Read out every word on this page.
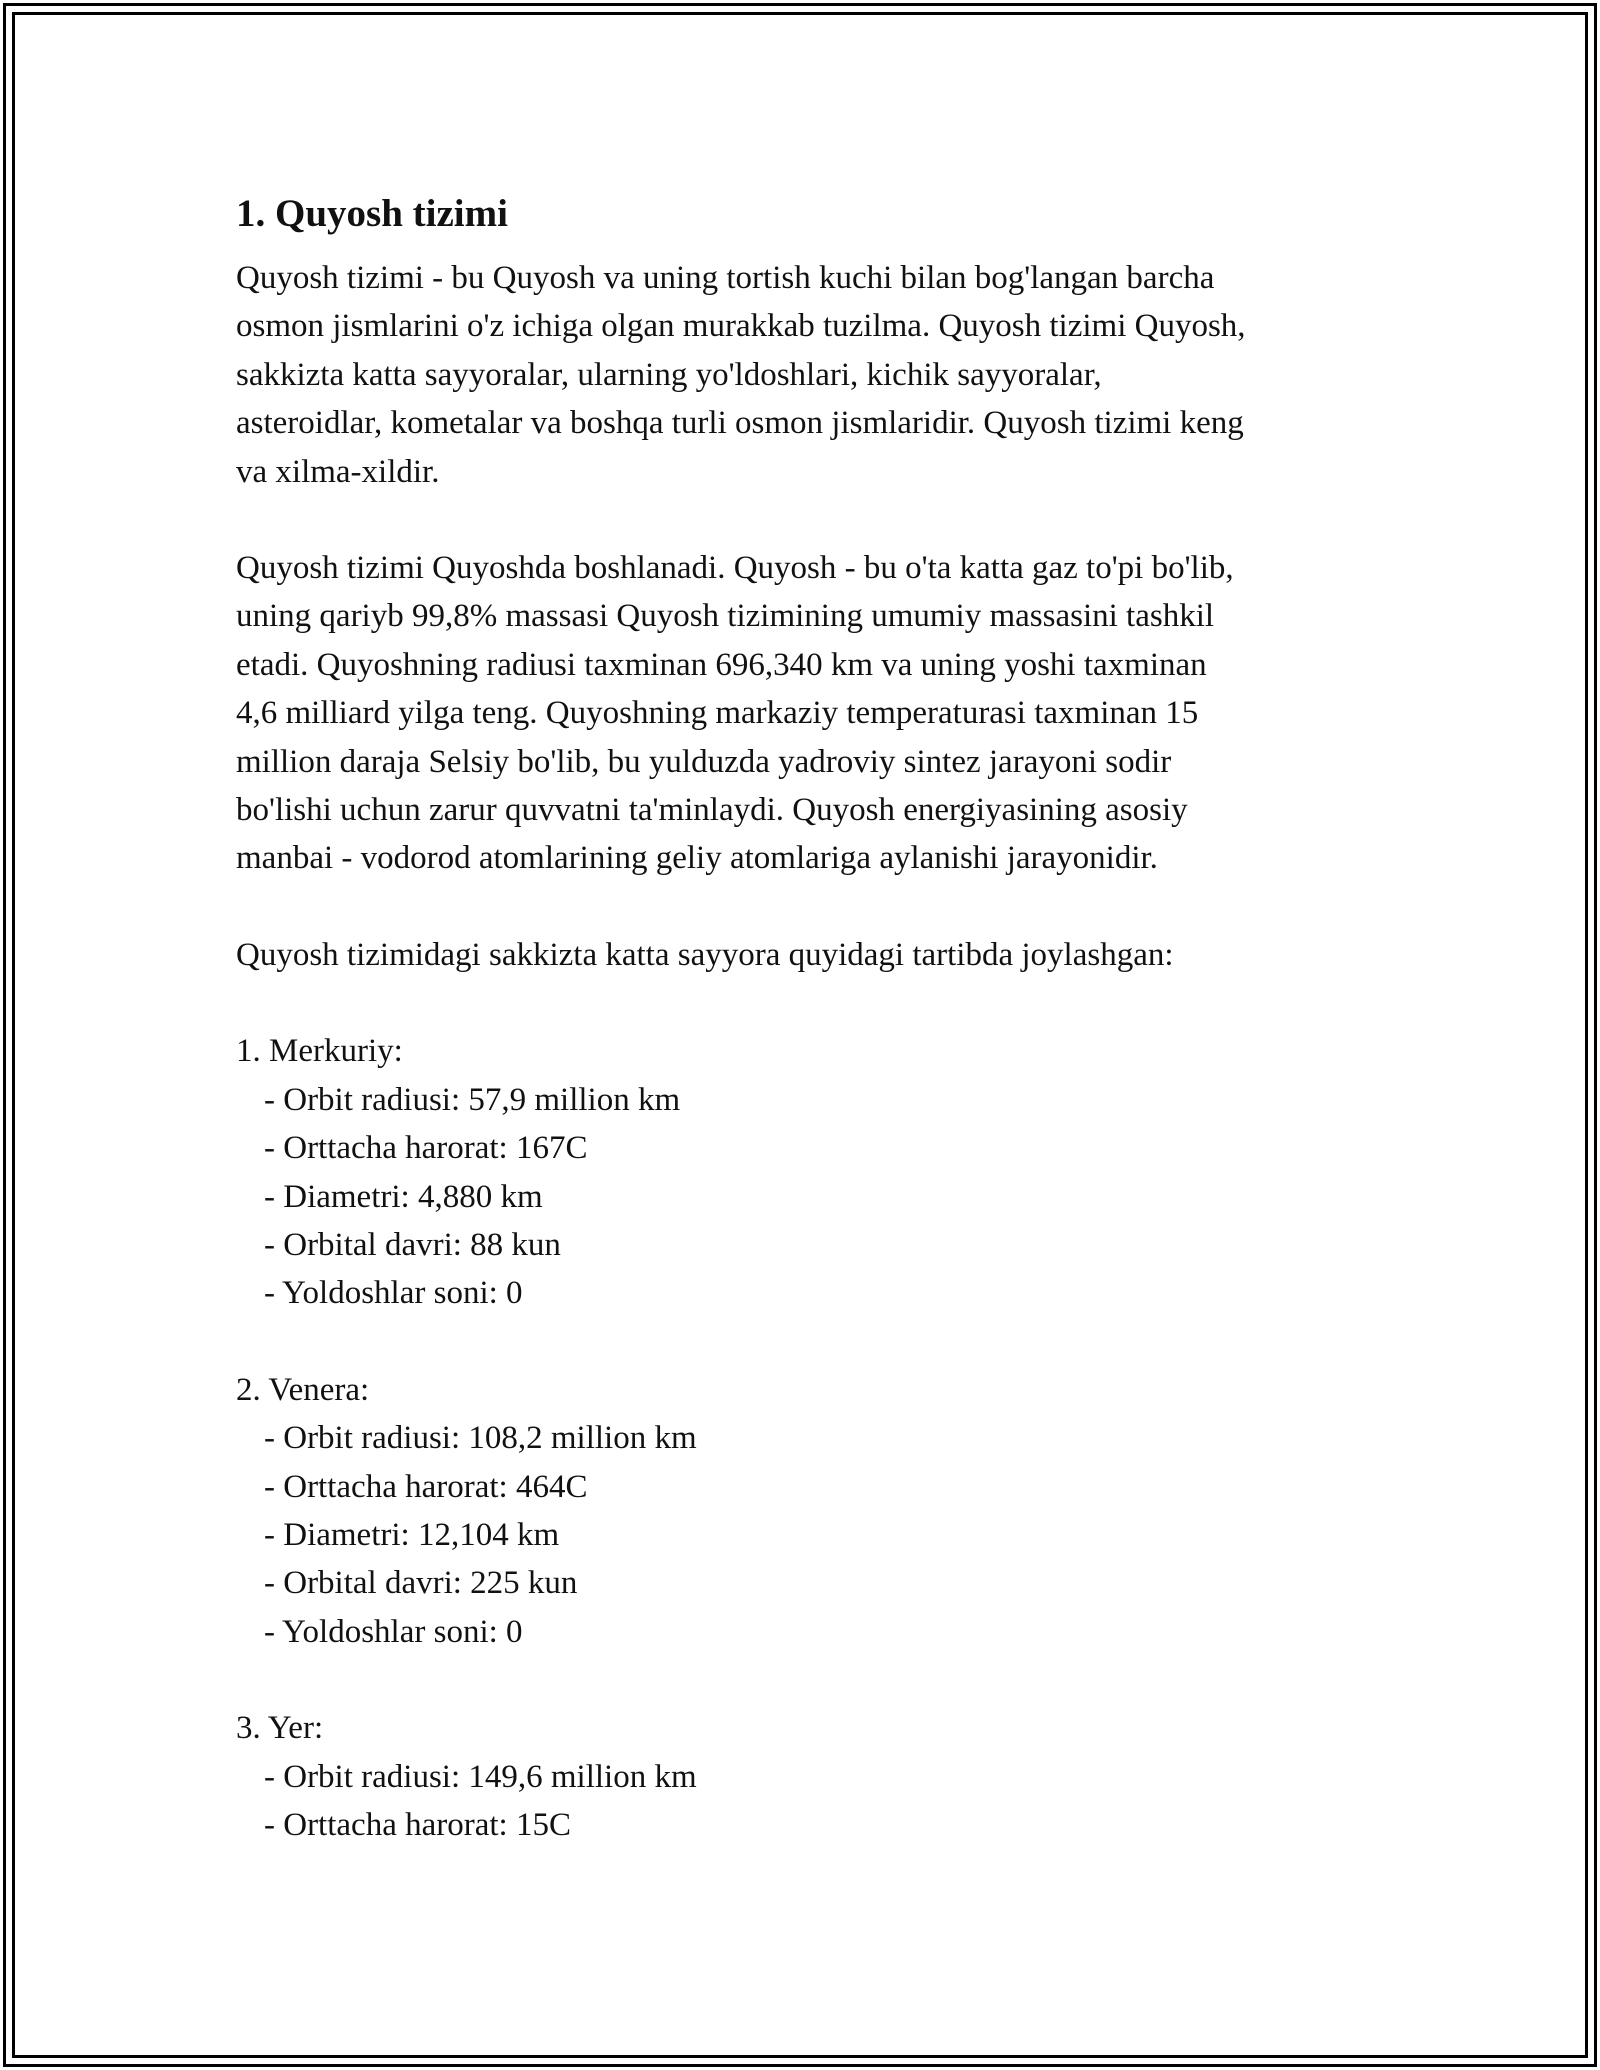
1. Quyosh tizimi
Quyosh tizimi - bu Quyosh va uning tortish kuchi bilan bog'langan barcha
osmon jismlarini o'z ichiga olgan murakkab tuzilma. Quyosh tizimi Quyosh,
sakkizta katta sayyoralar, ularning yo'ldoshlari, kichik sayyoralar,
asteroidlar, kometalar va boshqa turli osmon jismlaridir. Quyosh tizimi keng
va xilma-xildir.
Quyosh tizimi Quyoshda boshlanadi. Quyosh - bu o'ta katta gaz to'pi bo'lib,
uning qariyb 99,8% massasi Quyosh tizimining umumiy massasini tashkil
etadi. Quyoshning radiusi taxminan 696,340 km va uning yoshi taxminan
4,6 milliard yilga teng. Quyoshning markaziy temperaturasi taxminan 15
million daraja Selsiy bo'lib, bu yulduzda yadroviy sintez jarayoni sodir
bo'lishi uchun zarur quvvatni ta'minlaydi. Quyosh energiyasining asosiy
manbai - vodorod atomlarining geliy atomlariga aylanishi jarayonidir.
Quyosh tizimidagi sakkizta katta sayyora quyidagi tartibda joylashgan:
1. Merkuriy:
- Orbit radiusi: 57,9 million km
- Orttacha harorat: 167C
- Diametri: 4,880 km
- Orbital davri: 88 kun
- Yoldoshlar soni: 0
2. Venera:
- Orbit radiusi: 108,2 million km
- Orttacha harorat: 464C
- Diametri: 12,104 km
- Orbital davri: 225 kun
- Yoldoshlar soni: 0
3. Yer:
- Orbit radiusi: 149,6 million km
- Orttacha harorat: 15C
